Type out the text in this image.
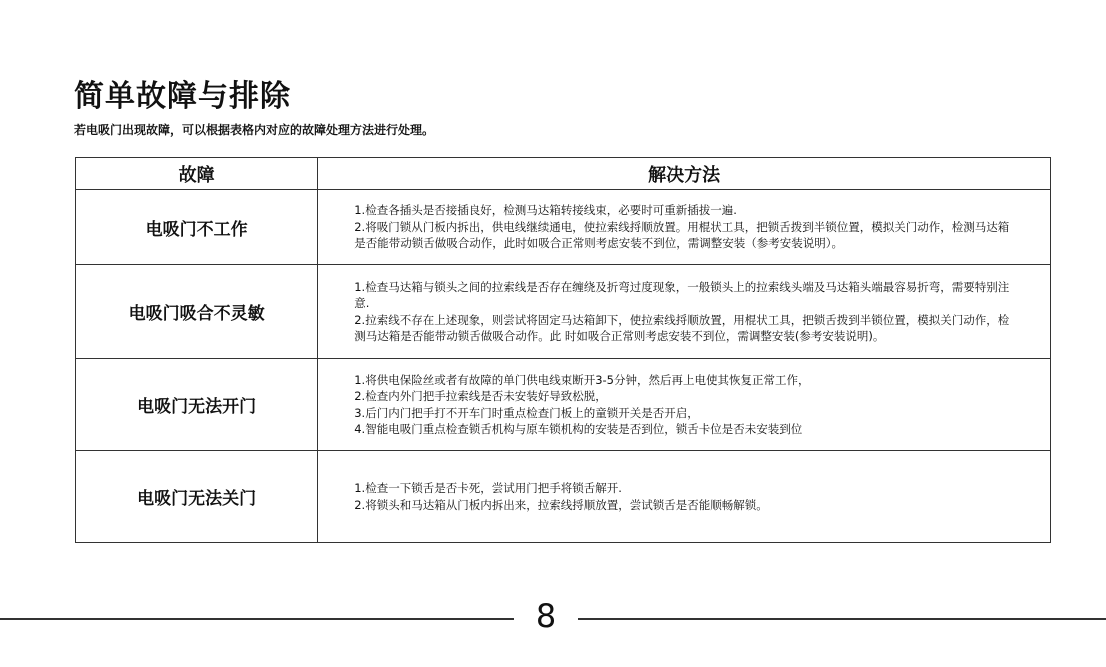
简单故障与排除

若电吸门出现故障，可以根据表格内对应的故障处理方法进行处理。

故障	解决方法
电吸门不工作	1.检查各插头是否接插良好，检测马达箱转接线束，必要时可重新插拔一遍.
2.将吸门锁从门板内拆出，供电线继续通电，使拉索线捋顺放置。用棍状工具，把锁舌拨到半锁位置，模拟关门动作，检测马达箱是否能带动锁舌做吸合动作，此时如吸合正常则考虑安装不到位，需调整安装（参考安装说明）。

电吸门吸合不灵敏	1.检查马达箱与锁头之间的拉索线是否存在缠绕及折弯过度现象，一般锁头上的拉索线头端及马达箱头端最容易折弯，需要特别注意.
2.拉索线不存在上述现象，则尝试将固定马达箱卸下，使拉索线捋顺放置，用棍状工具，把锁舌拨到半锁位置，模拟关门动作，检测马达箱是否能带动锁舌做吸合动作。此 时如吸合正常则考虑安装不到位，需调整安装(参考安装说明)。

电吸门无法开门	1.将供电保险丝或者有故障的单门供电线束断开3-5分钟，然后再上电使其恢复正常工作，
2.检查内外门把手拉索线是否未安装好导致松脱，
3.后门内门把手打不开车门时重点检查门板上的童锁开关是否开启，
4.智能电吸门重点检查锁舌机构与原车锁机构的安装是否到位，锁舌卡位是否未安装到位

电吸门无法关门	1.检查一下锁舌是否卡死，尝试用门把手将锁舌解开.
2.将锁头和马达箱从门板内拆出来，拉索线捋顺放置，尝试锁舌是否能顺畅解锁。
8
